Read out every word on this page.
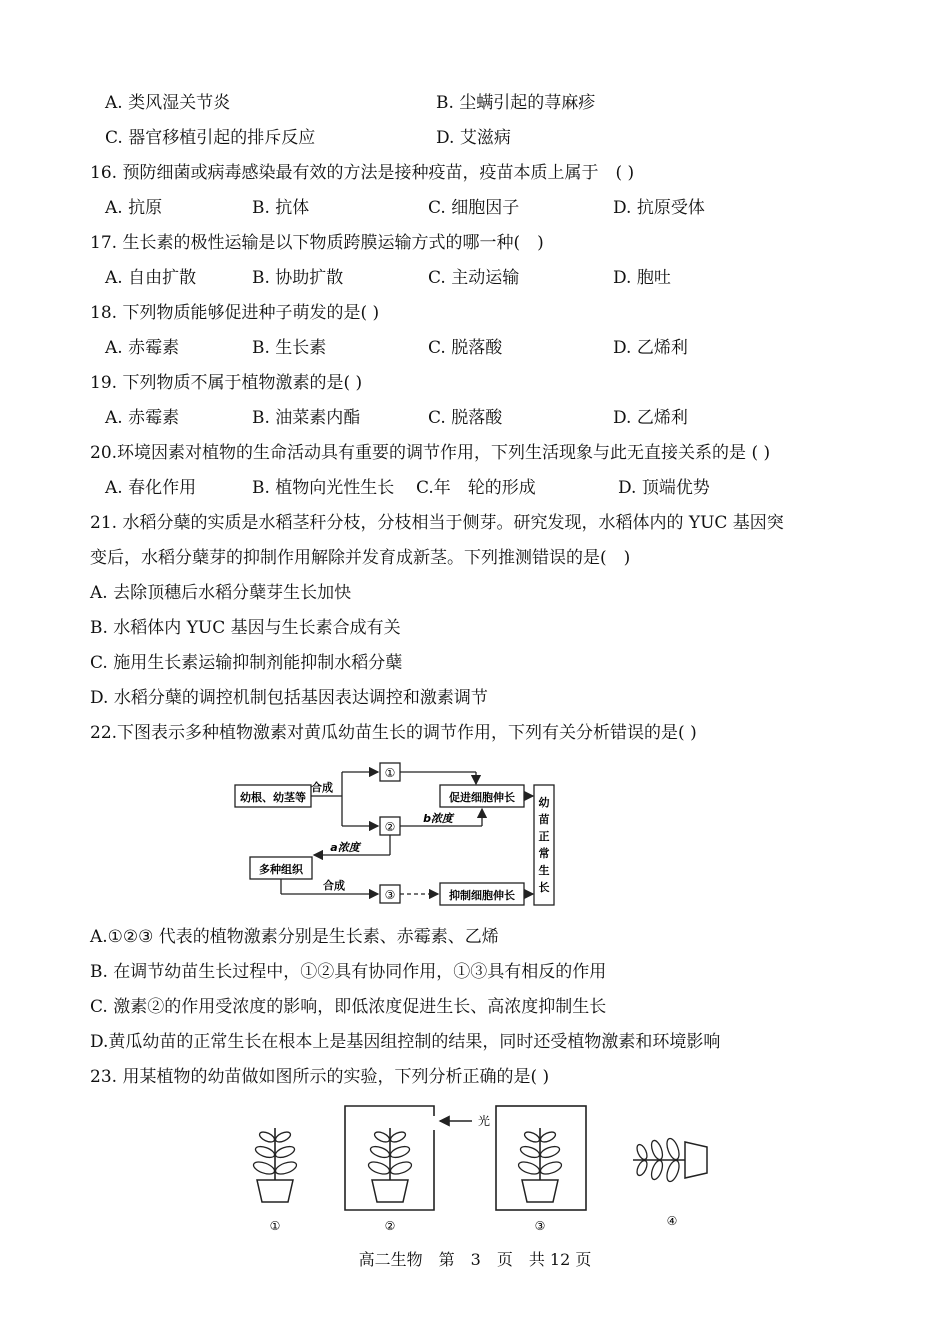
A. 类风湿关节炎	B. 尘螨引起的荨麻疹
C. 器官移植引起的排斥反应	D. 艾滋病
16. 预防细菌或病毒感染最有效的方法是接种疫苗，疫苗本质上属于　( )
A. 抗原	B. 抗体	C. 细胞因子	D. 抗原受体
17. 生长素的极性运输是以下物质跨膜运输方式的哪一种(　)
A. 自由扩散	B. 协助扩散	C. 主动运输	D. 胞吐
18. 下列物质能够促进种子萌发的是( )
A. 赤霉素	B. 生长素	C. 脱落酸	D. 乙烯利
19. 下列物质不属于植物激素的是( )
A. 赤霉素	B. 油菜素内酯	C. 脱落酸	D. 乙烯利
20.环境因素对植物的生命活动具有重要的调节作用，下列生活现象与此无直接关系的是 ( )
A. 春化作用	B. 植物向光性生长 C.年　轮的形成	D. 顶端优势
21. 水稻分蘖的实质是水稻茎秆分枝，分枝相当于侧芽。研究发现，水稻体内的 YUC 基因突
变后，水稻分蘖芽的抑制作用解除并发育成新茎。下列推测错误的是(　)
A. 去除顶穗后水稻分蘖芽生长加快
B. 水稻体内 YUC 基因与生长素合成有关
C. 施用生长素运输抑制剂能抑制水稻分蘖
D. 水稻分蘖的调控机制包括基因表达调控和激素调节
22.下图表示多种植物激素对黄瓜幼苗生长的调节作用，下列有关分析错误的是( )
幼根、幼茎等
合成
①
②
促进细胞伸长
b浓度
a浓度
多种组织
合成
③	抑制细胞伸长
幼
苗
正
常
生
长
A.①②③ 代表的植物激素分别是生长素、赤霉素、乙烯
B. 在调节幼苗生长过程中，①②具有协同作用，①③具有相反的作用
C. 激素②的作用受浓度的影响，即低浓度促进生长、高浓度抑制生长
D.黄瓜幼苗的正常生长在根本上是基因组控制的结果，同时还受植物激素和环境影响
23. 用某植物的幼苗做如图所示的实验，下列分析正确的是( )
①
光
②	③	④
高二生物　第　3　页　共 12 页
